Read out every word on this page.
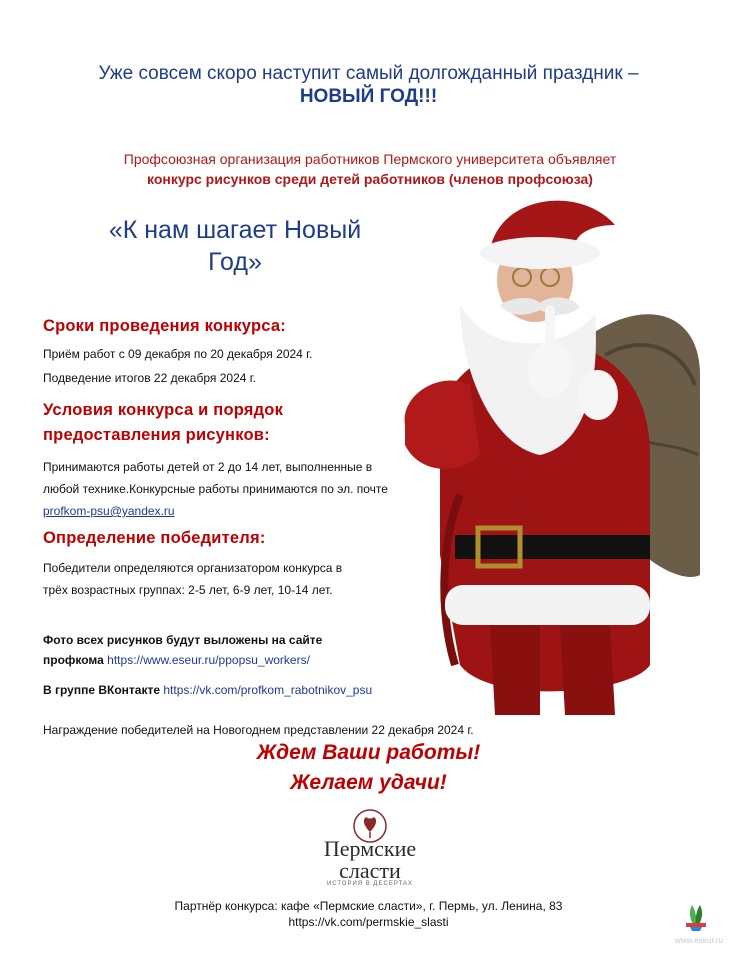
Уже совсем скоро наступит самый долгожданный праздник –
НОВЫЙ ГОД!!!
Профсоюзная организация работников Пермского университета объявляет
конкурс рисунков среди детей работников (членов профсоюза)
«К нам шагает Новый
Год»
Сроки проведения конкурса:
Приём работ с 09 декабря по 20 декабря 2024 г.
Подведение итогов 22 декабря 2024 г.
Условия конкурса и порядок
предоставления рисунков:
Принимаются работы детей от 2 до 14 лет, выполненные в
любой технике.Конкурсные работы принимаются по эл. почте
profkom-psu@yandex.ru
Определение победителя:
Победители определяются организатором конкурса в
трёх возрастных группах: 2-5 лет, 6-9 лет, 10-14 лет.
Фото всех рисунков будут выложены на сайте
профкома https://www.eseur.ru/ppopsu_workers/
В группе ВКонтакте https://vk.com/profkom_rabotnikov_psu
Награждение победителей на Новогоднем представлении 22 декабря 2024 г.
Ждем Ваши работы!
Желаем удачи!
Пермские
сласти
ИСТОРИЯ В ДЕСЕРТАХ
Партнёр конкурса: кафе «Пермские сласти», г. Пермь, ул. Ленина, 83
https://vk.com/permskie_slasti
www.eseur.ru
